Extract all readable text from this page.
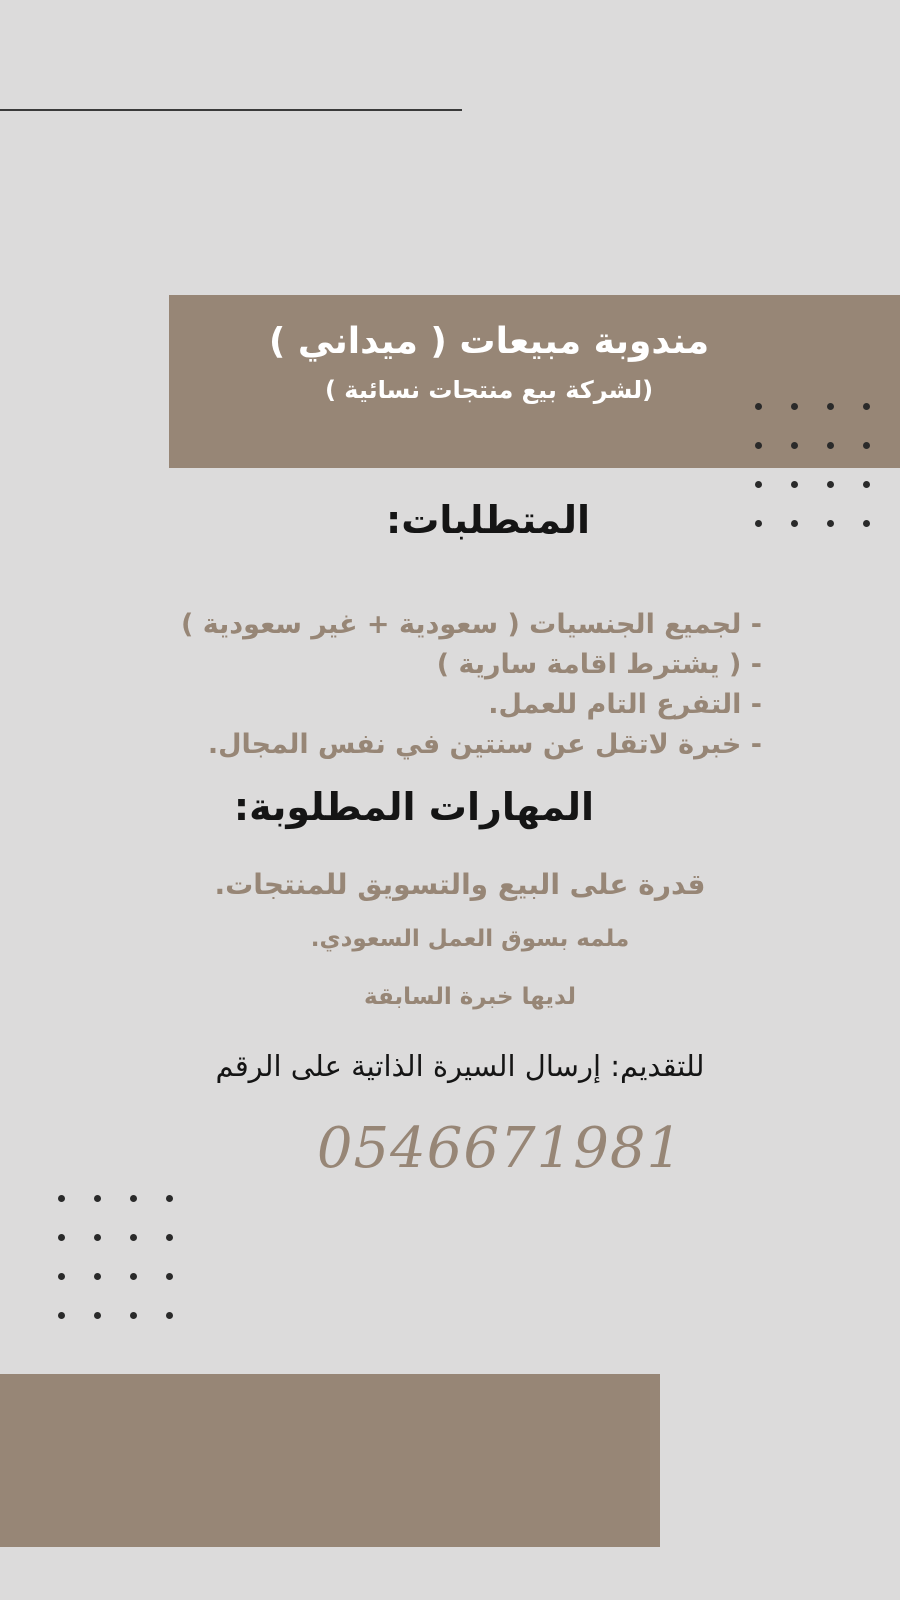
مندوبة مبيعات ( ميداني )
(لشركة بيع منتجات نسائية )
المتطلبات:
- لجميع الجنسيات ( سعودية + غير سعودية )
- ( يشترط اقامة سارية )
- التفرع التام للعمل.
- خبرة لاتقل عن سنتين في نفس المجال.
المهارات المطلوبة:
قدرة على البيع والتسويق للمنتجات.
ملمه بسوق العمل السعودي.
لديها خبرة السابقة
للتقديم: إرسال السيرة الذاتية على الرقم
0546671981
